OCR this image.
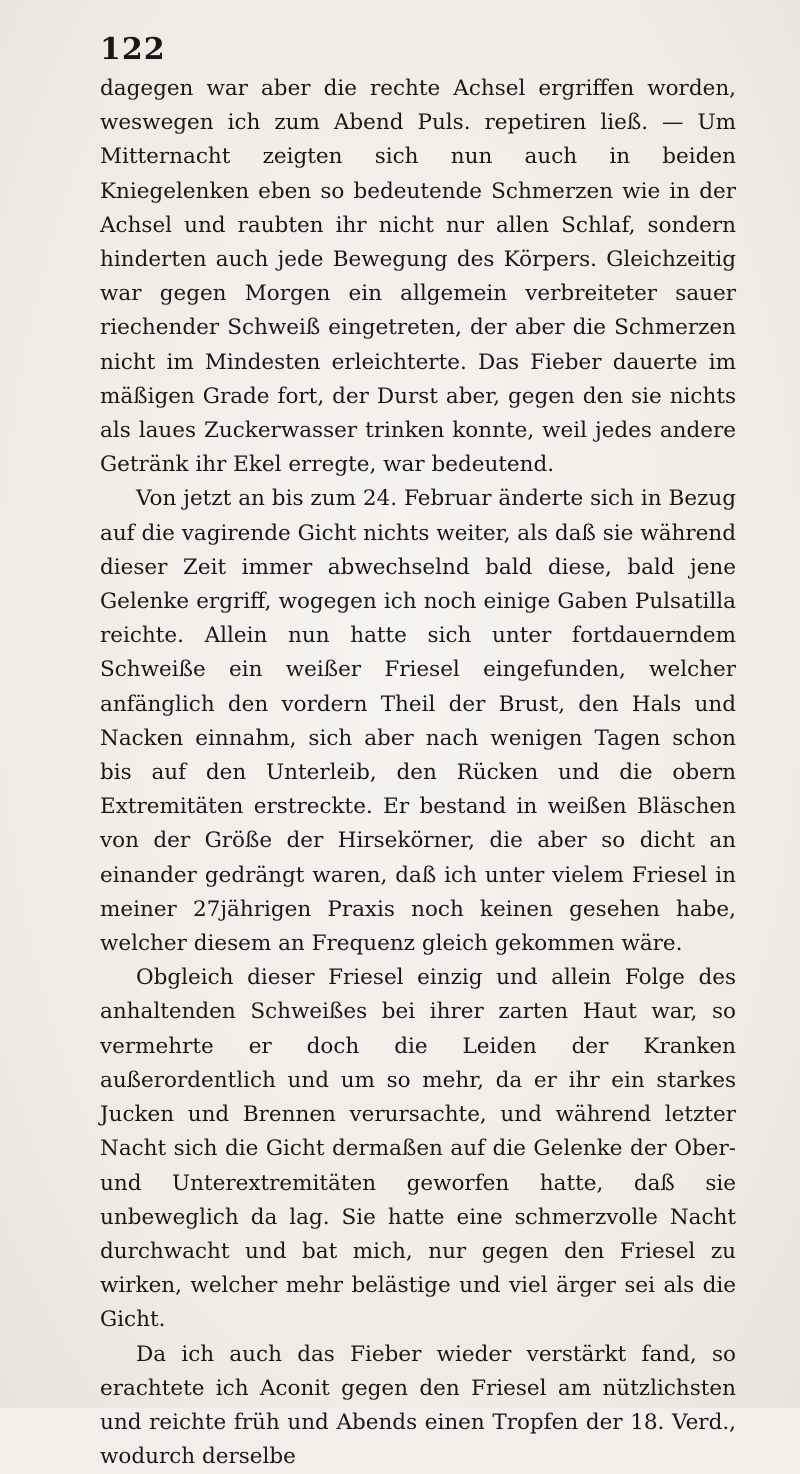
122

dagegen war aber die rechte Achsel ergriffen worden, weswegen ich zum Abend Puls. repetiren ließ. — Um Mitternacht zeigten sich nun auch in beiden Kniegelenken eben so bedeutende Schmerzen wie in der Achsel und raubten ihr nicht nur allen Schlaf, sondern hinderten auch jede Bewegung des Körpers. Gleichzeitig war gegen Morgen ein allgemein verbreiteter sauer riechender Schweiß eingetreten, der aber die Schmerzen nicht im Mindesten erleichterte. Das Fieber dauerte im mäßigen Grade fort, der Durst aber, gegen den sie nichts als laues Zuckerwasser trinken konnte, weil jedes andere Getränk ihr Ekel erregte, war bedeutend.

Von jetzt an bis zum 24. Februar änderte sich in Bezug auf die vagirende Gicht nichts weiter, als daß sie während dieser Zeit immer abwechselnd bald diese, bald jene Gelenke ergriff, wogegen ich noch einige Gaben Pulsatilla reichte. Allein nun hatte sich unter fortdauerndem Schweiße ein weißer Friesel eingefunden, welcher anfänglich den vordern Theil der Brust, den Hals und Nacken einnahm, sich aber nach wenigen Tagen schon bis auf den Unterleib, den Rücken und die obern Extremitäten erstreckte. Er bestand in weißen Bläschen von der Größe der Hirsekörner, die aber so dicht an einander gedrängt waren, daß ich unter vielem Friesel in meiner 27jährigen Praxis noch keinen gesehen habe, welcher diesem an Frequenz gleich gekommen wäre.

Obgleich dieser Friesel einzig und allein Folge des anhaltenden Schweißes bei ihrer zarten Haut war, so vermehrte er doch die Leiden der Kranken außerordentlich und um so mehr, da er ihr ein starkes Jucken und Brennen verursachte, und während letzter Nacht sich die Gicht dermaßen auf die Gelenke der Ober- und Unterextremitäten geworfen hatte, daß sie unbeweglich da lag. Sie hatte eine schmerzvolle Nacht durchwacht und bat mich, nur gegen den Friesel zu wirken, welcher mehr belästige und viel ärger sei als die Gicht.

Da ich auch das Fieber wieder verstärkt fand, so erachtete ich Aconit gegen den Friesel am nützlichsten und reichte früh und Abends einen Tropfen der 18. Verd., wodurch derselbe
